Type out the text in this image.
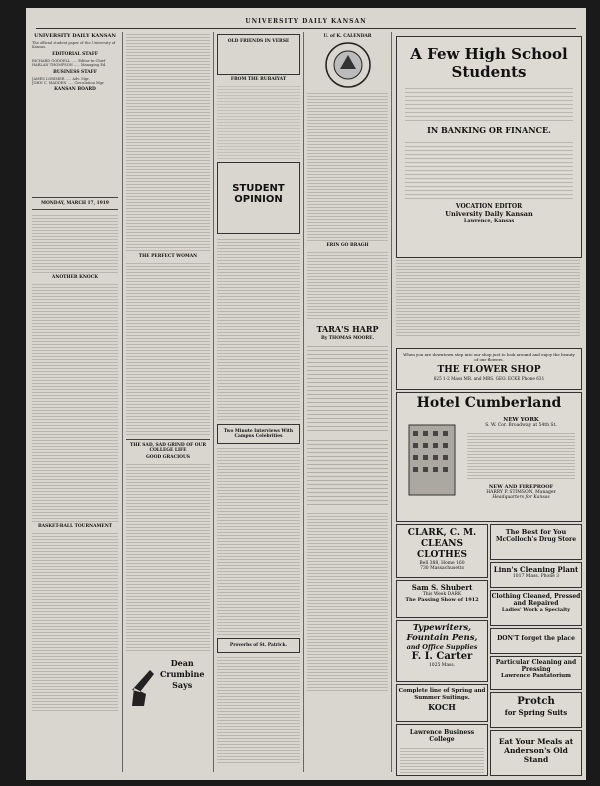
UNIVERSITY DAILY KANSAN
UNIVERSITY DAILY KANSAN

The official student paper of the University of Kansas.

EDITORIAL STAFF
RICHARD GODDELL ..... Editor-in-Chief
HARLAN THOMPSON ..... Managing Ed.
BUSINESS STAFF
JAMES LORIMER ..... Adv. Mgr.
JOHN C. MADDEN ..... Circulation Mgr.
KANSAN BOARD

MONDAY, MARCH 17, 1919
ANOTHER KNOCK
BASKET-BALL TOURNAMENT
THE PERFECT WOMAN
THE SAD, SAD GRIND OF OUR COLLEGE LIFE
GOOD GRACIOUS
Dean
Crumbine
Says
OLD FRIENDS IN VERSE
FROM THE RUBAIYAT
STUDENT OPINION
Two Minute Interviews With Campus Celebrities
Proverbs of St. Patrick.
U. of K. CALENDAR
ERIN GO BRAGH
TARA'S HARP
By THOMAS MOORE.
A Few High School Students
IN BANKING OR FINANCE.
VOCATION EDITOR
University Daily Kansan
Lawrence, Kansas
When you are downtown step into our shop just to look around and enjoy the beauty of our flowers.
THE FLOWER SHOP
825 1-2 Mass MR. and MRS. GEO. ECKE Phone 631
Hotel Cumberland
NEW YORK
S. W. Cor. Broadway at 54th St.
NEW AND FIREPROOF
HARRY P. STIMSON, Manager
Headquarters for Kansas
CLARK, C. M. CLEANS CLOTHES
Bell 388, Home 160
730 Massachusetts
Sam S. Shubert
This Week DARK
The Passing Show of 1912
Typewriters,
Fountain Pens,
and Office Supplies
F. I. Carter
1025 Mass.
Complete line of Spring and Summer Suitings.
KOCH
Lawrence Business College
The Best for You
McColloch's Drug Store
Linn's Cleaning Plant
1017 Mass. Phone 3
Clothing Cleaned, Pressed and Repaired
Ladies' Work a Specialty
DON'T forget the place
Particular Cleaning and Pressing
Lawrence Pantatorium
Protch
for Spring Suits
Eat Your Meals at Anderson's Old Stand
